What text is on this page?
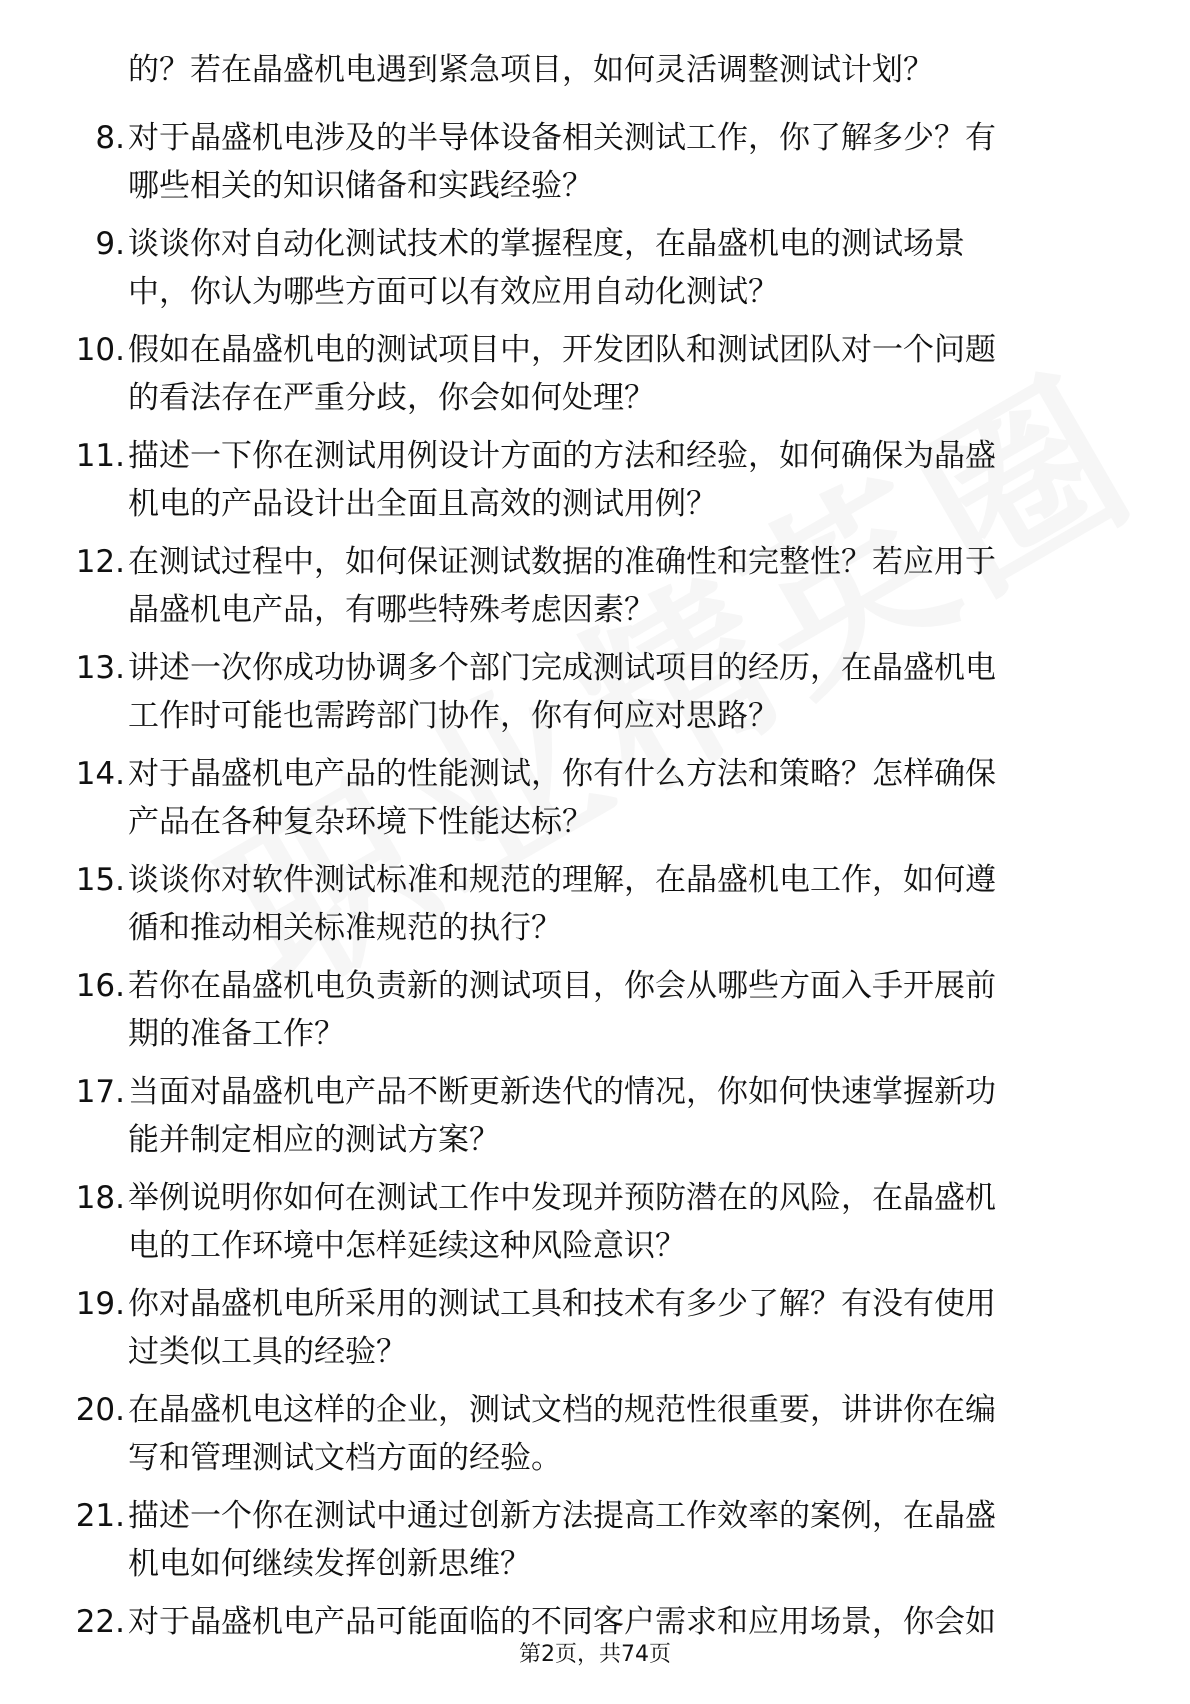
的？若在晶盛机电遇到紧急项目，如何灵活调整测试计划？
8. 对于晶盛机电涉及的半导体设备相关测试工作，你了解多少？有
哪些相关的知识储备和实践经验？
9. 谈谈你对自动化测试技术的掌握程度，在晶盛机电的测试场景
中，你认为哪些方面可以有效应用自动化测试？
10. 假如在晶盛机电的测试项目中，开发团队和测试团队对一个问题
的看法存在严重分歧，你会如何处理？
11. 描述一下你在测试用例设计方面的方法和经验，如何确保为晶盛
机电的产品设计出全面且高效的测试用例？
12. 在测试过程中，如何保证测试数据的准确性和完整性？若应用于
晶盛机电产品，有哪些特殊考虑因素？
13. 讲述一次你成功协调多个部门完成测试项目的经历，在晶盛机电
工作时可能也需跨部门协作，你有何应对思路？
14. 对于晶盛机电产品的性能测试，你有什么方法和策略？怎样确保
产品在各种复杂环境下性能达标？
15. 谈谈你对软件测试标准和规范的理解，在晶盛机电工作，如何遵
循和推动相关标准规范的执行？
16. 若你在晶盛机电负责新的测试项目，你会从哪些方面入手开展前
期的准备工作？
17. 当面对晶盛机电产品不断更新迭代的情况，你如何快速掌握新功
能并制定相应的测试方案？
18. 举例说明你如何在测试工作中发现并预防潜在的风险，在晶盛机
电的工作环境中怎样延续这种风险意识？
19. 你对晶盛机电所采用的测试工具和技术有多少了解？有没有使用
过类似工具的经验？
20. 在晶盛机电这样的企业，测试文档的规范性很重要，讲讲你在编
写和管理测试文档方面的经验。
21. 描述一个你在测试中通过创新方法提高工作效率的案例，在晶盛
机电如何继续发挥创新思维？
22. 对于晶盛机电产品可能面临的不同客户需求和应用场景，你会如
第2页，共74页
